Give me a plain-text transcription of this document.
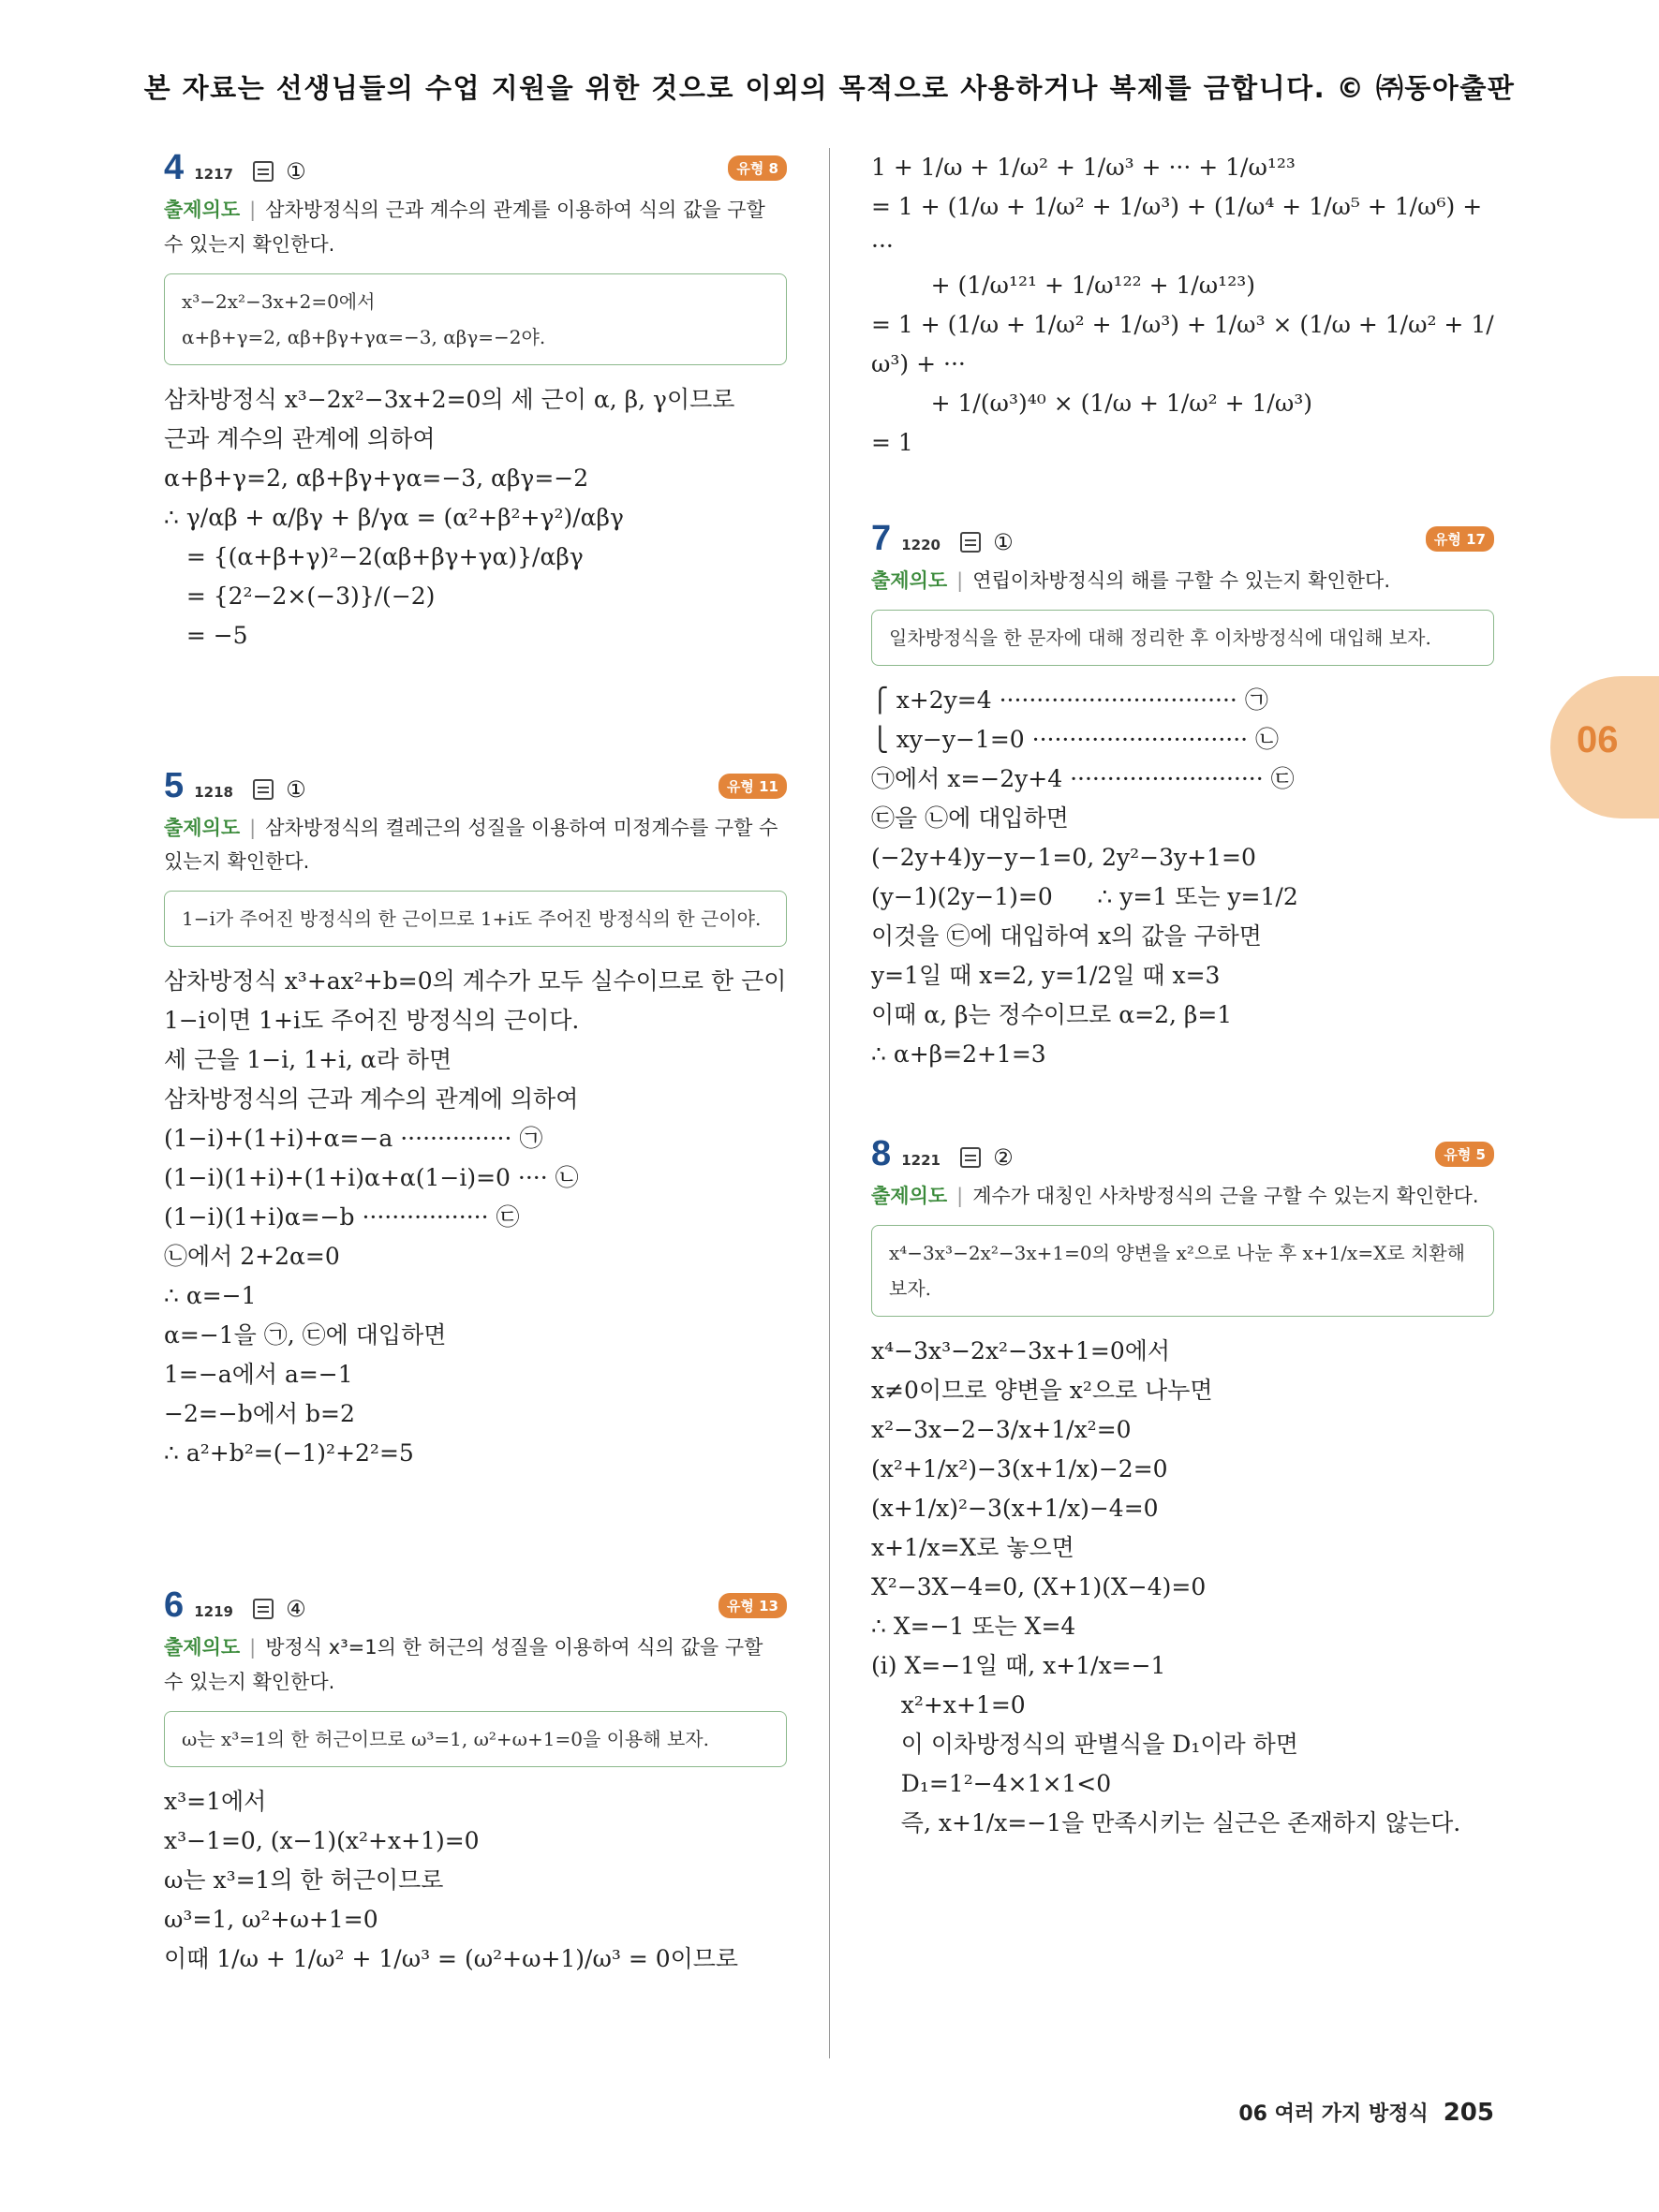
본 자료는 선생님들의 수업 지원을 위한 것으로 이외의 목적으로 사용하거나 복제를 금합니다. © ㈜동아출판
4 1217 ①	유형 8
출제의도 | 삼차방정식의 근과 계수의 관계를 이용하여 식의 값을 구할 수 있는지 확인한다.
x³−2x²−3x+2=0에서
α+β+γ=2, αβ+βγ+γα=−3, αβγ=−2야.
삼차방정식 x³−2x²−3x+2=0의 세 근이 α, β, γ이므로
근과 계수의 관계에 의하여
α+β+γ=2, αβ+βγ+γα=−3, αβγ=−2
∴ γ/αβ + α/βγ + β/γα = (α²+β²+γ²)/αβγ
= {(α+β+γ)²−2(αβ+βγ+γα)}/αβγ
= {2²−2×(−3)}/(−2)
= −5
5 1218 ①	유형 11
출제의도 | 삼차방정식의 켤레근의 성질을 이용하여 미정계수를 구할 수 있는지 확인한다.
1−i가 주어진 방정식의 한 근이므로 1+i도 주어진 방정식의 한 근이야.
삼차방정식 x³+ax²+b=0의 계수가 모두 실수이므로 한 근이
1−i이면 1+i도 주어진 방정식의 근이다.
세 근을 1−i, 1+i, α라 하면
삼차방정식의 근과 계수의 관계에 의하여
(1−i)+(1+i)+α=−a ··············· ㉠
(1−i)(1+i)+(1+i)α+α(1−i)=0 ···· ㉡
(1−i)(1+i)α=−b ················· ㉢
㉡에서 2+2α=0
∴ α=−1
α=−1을 ㉠, ㉢에 대입하면
1=−a에서 a=−1
−2=−b에서 b=2
∴ a²+b²=(−1)²+2²=5
6 1219 ④	유형 13
출제의도 | 방정식 x³=1의 한 허근의 성질을 이용하여 식의 값을 구할 수 있는지 확인한다.
ω는 x³=1의 한 허근이므로 ω³=1, ω²+ω+1=0을 이용해 보자.
x³=1에서
x³−1=0, (x−1)(x²+x+1)=0
ω는 x³=1의 한 허근이므로
ω³=1, ω²+ω+1=0
이때 1/ω + 1/ω² + 1/ω³ = (ω²+ω+1)/ω³ = 0이므로
1 + 1/ω + 1/ω² + 1/ω³ + ··· + 1/ω¹²³
= 1 + (1/ω + 1/ω² + 1/ω³) + (1/ω⁴ + 1/ω⁵ + 1/ω⁶) + ···
+ (1/ω¹²¹ + 1/ω¹²² + 1/ω¹²³)
= 1 + (1/ω + 1/ω² + 1/ω³) + 1/ω³ × (1/ω + 1/ω² + 1/ω³) + ···
+ 1/(ω³)⁴⁰ × (1/ω + 1/ω² + 1/ω³)
= 1
7 1220 ①	유형 17
출제의도 | 연립이차방정식의 해를 구할 수 있는지 확인한다.
일차방정식을 한 문자에 대해 정리한 후 이차방정식에 대입해 보자.
⎧ x+2y=4 ································ ㉠
⎩ xy−y−1=0 ····························· ㉡
㉠에서 x=−2y+4 ·························· ㉢
㉢을 ㉡에 대입하면
(−2y+4)y−y−1=0, 2y²−3y+1=0
(y−1)(2y−1)=0      ∴ y=1 또는 y=1/2
이것을 ㉢에 대입하여 x의 값을 구하면
y=1일 때 x=2, y=1/2일 때 x=3
이때 α, β는 정수이므로 α=2, β=1
∴ α+β=2+1=3
8 1221 ②	유형 5
출제의도 | 계수가 대칭인 사차방정식의 근을 구할 수 있는지 확인한다.
x⁴−3x³−2x²−3x+1=0의 양변을 x²으로 나눈 후 x+1/x=X로 치환해 보자.
x⁴−3x³−2x²−3x+1=0에서
x≠0이므로 양변을 x²으로 나누면
x²−3x−2−3/x+1/x²=0
(x²+1/x²)−3(x+1/x)−2=0
(x+1/x)²−3(x+1/x)−4=0
x+1/x=X로 놓으면
X²−3X−4=0, (X+1)(X−4)=0
∴ X=−1 또는 X=4
(i) X=−1일 때, x+1/x=−1
x²+x+1=0
이 이차방정식의 판별식을 D₁이라 하면
D₁=1²−4×1×1<0
즉, x+1/x=−1을 만족시키는 실근은 존재하지 않는다.
06
06 여러 가지 방정식 205
